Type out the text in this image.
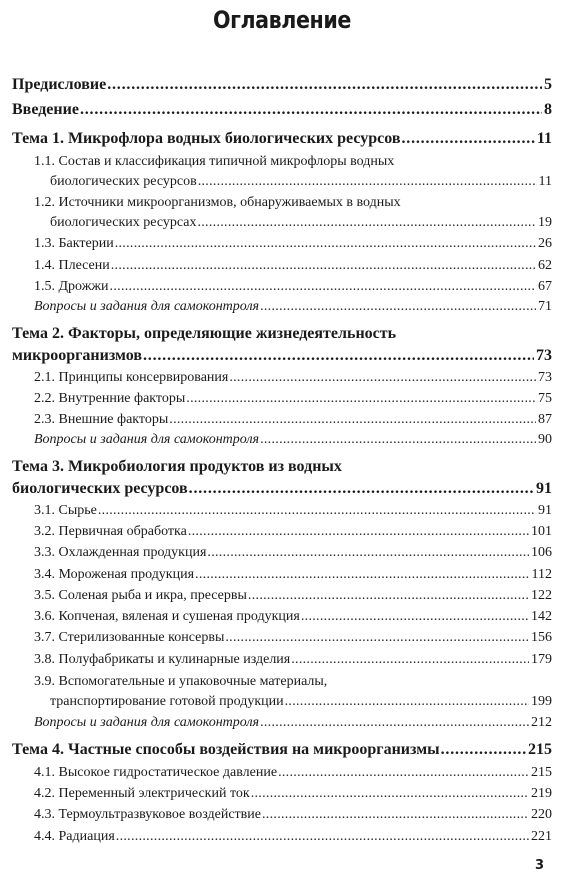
Оглавление
Предисловие . . .	5
Введение . . .	8
Тема 1. Микрофлора водных биологических ресурсов . . .	11
1.1. Состав и классификация типичной микрофлоры водных
биологических ресурсов . . .	11
1.2. Источники микроорганизмов, обнаруживаемых в водных
биологических ресурсах . . .	19
1.3. Бактерии . . .	26
1.4. Плесени . . .	62
1.5. Дрожжи . . .	67
Вопросы и задания для самоконтроля . . .	71
Тема 2. Факторы, определяющие жизнедеятельность
микроорганизмов . . .	73
2.1. Принципы консервирования . . .	73
2.2. Внутренние факторы . . .	75
2.3. Внешние факторы . . .	87
Вопросы и задания для самоконтроля . . .	90
Тема 3. Микробиология продуктов из водных
биологических ресурсов . . .	91
3.1. Сырье . . .	91
3.2. Первичная обработка . . .	101
3.3. Охлажденная продукция . . .	106
3.4. Мороженая продукция . . .	112
3.5. Соленая рыба и икра, пресервы . . .	122
3.6. Копченая, вяленая и сушеная продукция . . .	142
3.7. Стерилизованные консервы . . .	156
3.8. Полуфабрикаты и кулинарные изделия . . .	179
3.9. Вспомогательные и упаковочные материалы,
транспортирование готовой продукции . . .	199
Вопросы и задания для самоконтроля . . .	212
Тема 4. Частные способы воздействия на микроорганизмы . . .	215
4.1. Высокое гидростатическое давление . . .	215
4.2. Переменный электрический ток . . .	219
4.3. Термоультразвуковое воздействие . . .	220
4.4. Радиация . . .	221
3
